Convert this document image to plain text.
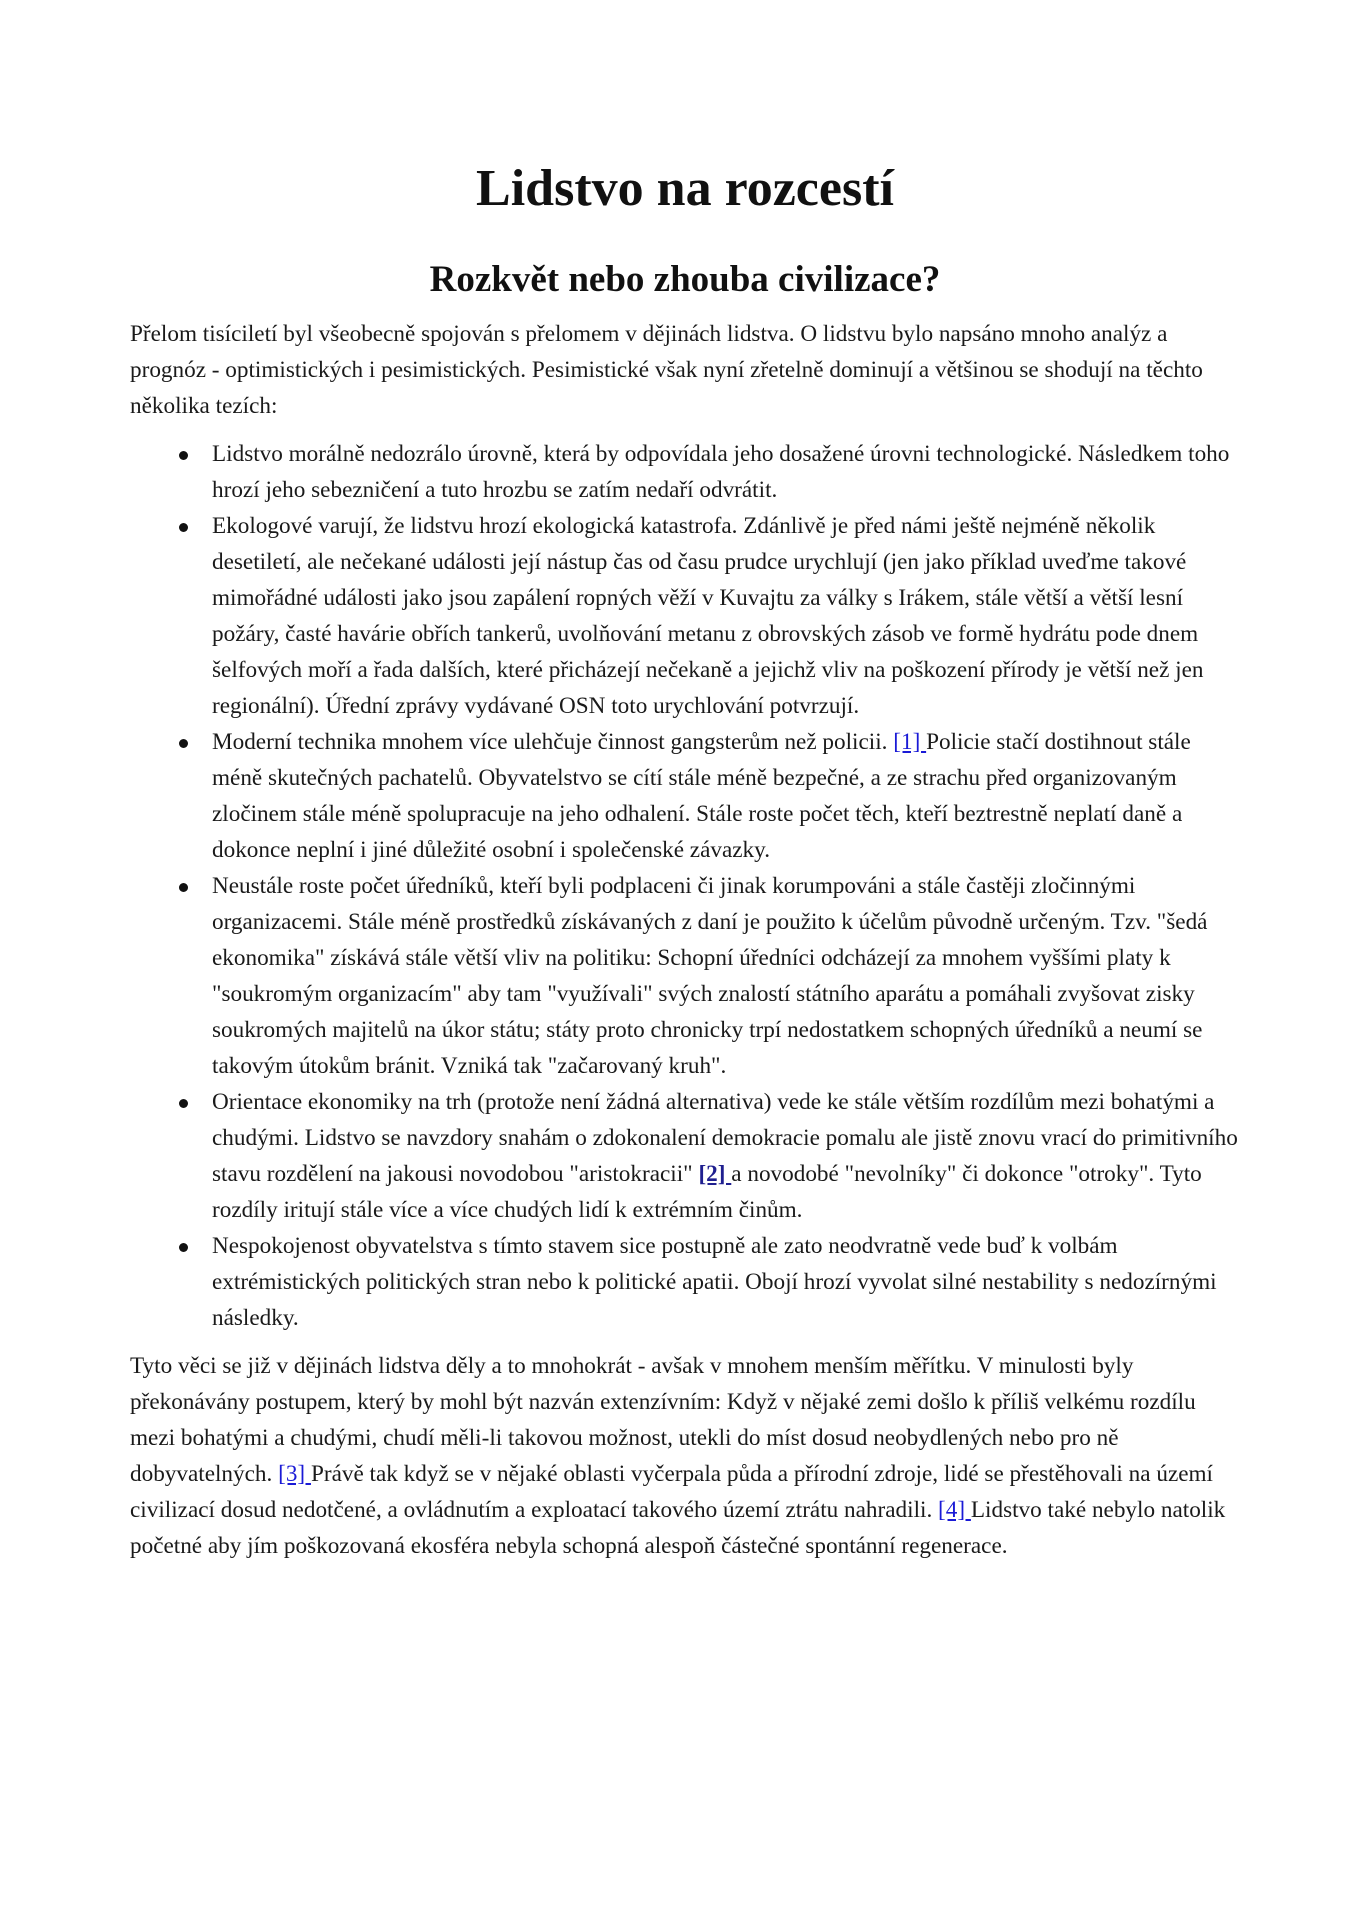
Lidstvo na rozcestí
Rozkvět nebo zhouba civilizace?

Přelom tisíciletí byl všeobecně spojován s přelomem v dějinách lidstva. O lidstvu bylo napsáno mnoho analýz a prognóz - optimistických i pesimistických. Pesimistické však nyní zřetelně dominují a většinou se shodují na těchto několika tezích:

Lidstvo morálně nedozrálo úrovně, která by odpovídala jeho dosažené úrovni technologické. Následkem toho hrozí jeho sebezničení a tuto hrozbu se zatím nedaří odvrátit.
Ekologové varují, že lidstvu hrozí ekologická katastrofa. Zdánlivě je před námi ještě nejméně několik desetiletí, ale nečekané události její nástup čas od času prudce urychlují (jen jako příklad uveďme takové mimořádné události jako jsou zapálení ropných věží v Kuvajtu za války s Irákem, stále větší a větší lesní požáry, časté havárie obřích tankerů, uvolňování metanu z obrovských zásob ve formě hydrátu pode dnem šelfových moří a řada dalších, které přicházejí nečekaně a jejichž vliv na poškození přírody je větší než jen regionální). Úřední zprávy vydávané OSN toto urychlování potvrzují.
Moderní technika mnohem více ulehčuje činnost gangsterům než policii. [1] Policie stačí dostihnout stále méně skutečných pachatelů. Obyvatelstvo se cítí stále méně bezpečné, a ze strachu před organizovaným zločinem stále méně spolupracuje na jeho odhalení. Stále roste počet těch, kteří beztrestně neplatí daně a dokonce neplní i jiné důležité osobní i společenské závazky.
Neustále roste počet úředníků, kteří byli podplaceni či jinak korumpováni a stále častěji zločinnými organizacemi. Stále méně prostředků získávaných z daní je použito k účelům původně určeným. Tzv. "šedá ekonomika" získává stále větší vliv na politiku: Schopní úředníci odcházejí za mnohem vyššími platy k "soukromým organizacím" aby tam "využívali" svých znalostí státního aparátu a pomáhali zvyšovat zisky soukromých majitelů na úkor státu; státy proto chronicky trpí nedostatkem schopných úředníků a neumí se takovým útokům bránit. Vzniká tak "začarovaný kruh".
Orientace ekonomiky na trh (protože není žádná alternativa) vede ke stále větším rozdílům mezi bohatými a chudými. Lidstvo se navzdory snahám o zdokonalení demokracie pomalu ale jistě znovu vrací do primitivního stavu rozdělení na jakousi novodobou "aristokracii" [2] a novodobé "nevolníky" či dokonce "otroky". Tyto rozdíly iritují stále více a více chudých lidí k extrémním činům.
Nespokojenost obyvatelstva s tímto stavem sice postupně ale zato neodvratně vede buď k volbám extrémistických politických stran nebo k politické apatii. Obojí hrozí vyvolat silné nestability s nedozírnými následky.

Tyto věci se již v dějinách lidstva děly a to mnohokrát - avšak v mnohem menším měřítku. V minulosti byly překonávány postupem, který by mohl být nazván extenzívním: Když v nějaké zemi došlo k příliš velkému rozdílu mezi bohatými a chudými, chudí měli-li takovou možnost, utekli do míst dosud neobydlených nebo pro ně dobyvatelných. [3] Právě tak když se v nějaké oblasti vyčerpala půda a přírodní zdroje, lidé se přestěhovali na území civilizací dosud nedotčené, a ovládnutím a exploatací takového území ztrátu nahradili. [4] Lidstvo také nebylo natolik početné aby jím poškozovaná ekosféra nebyla schopná alespoň částečné spontánní regenerace.
